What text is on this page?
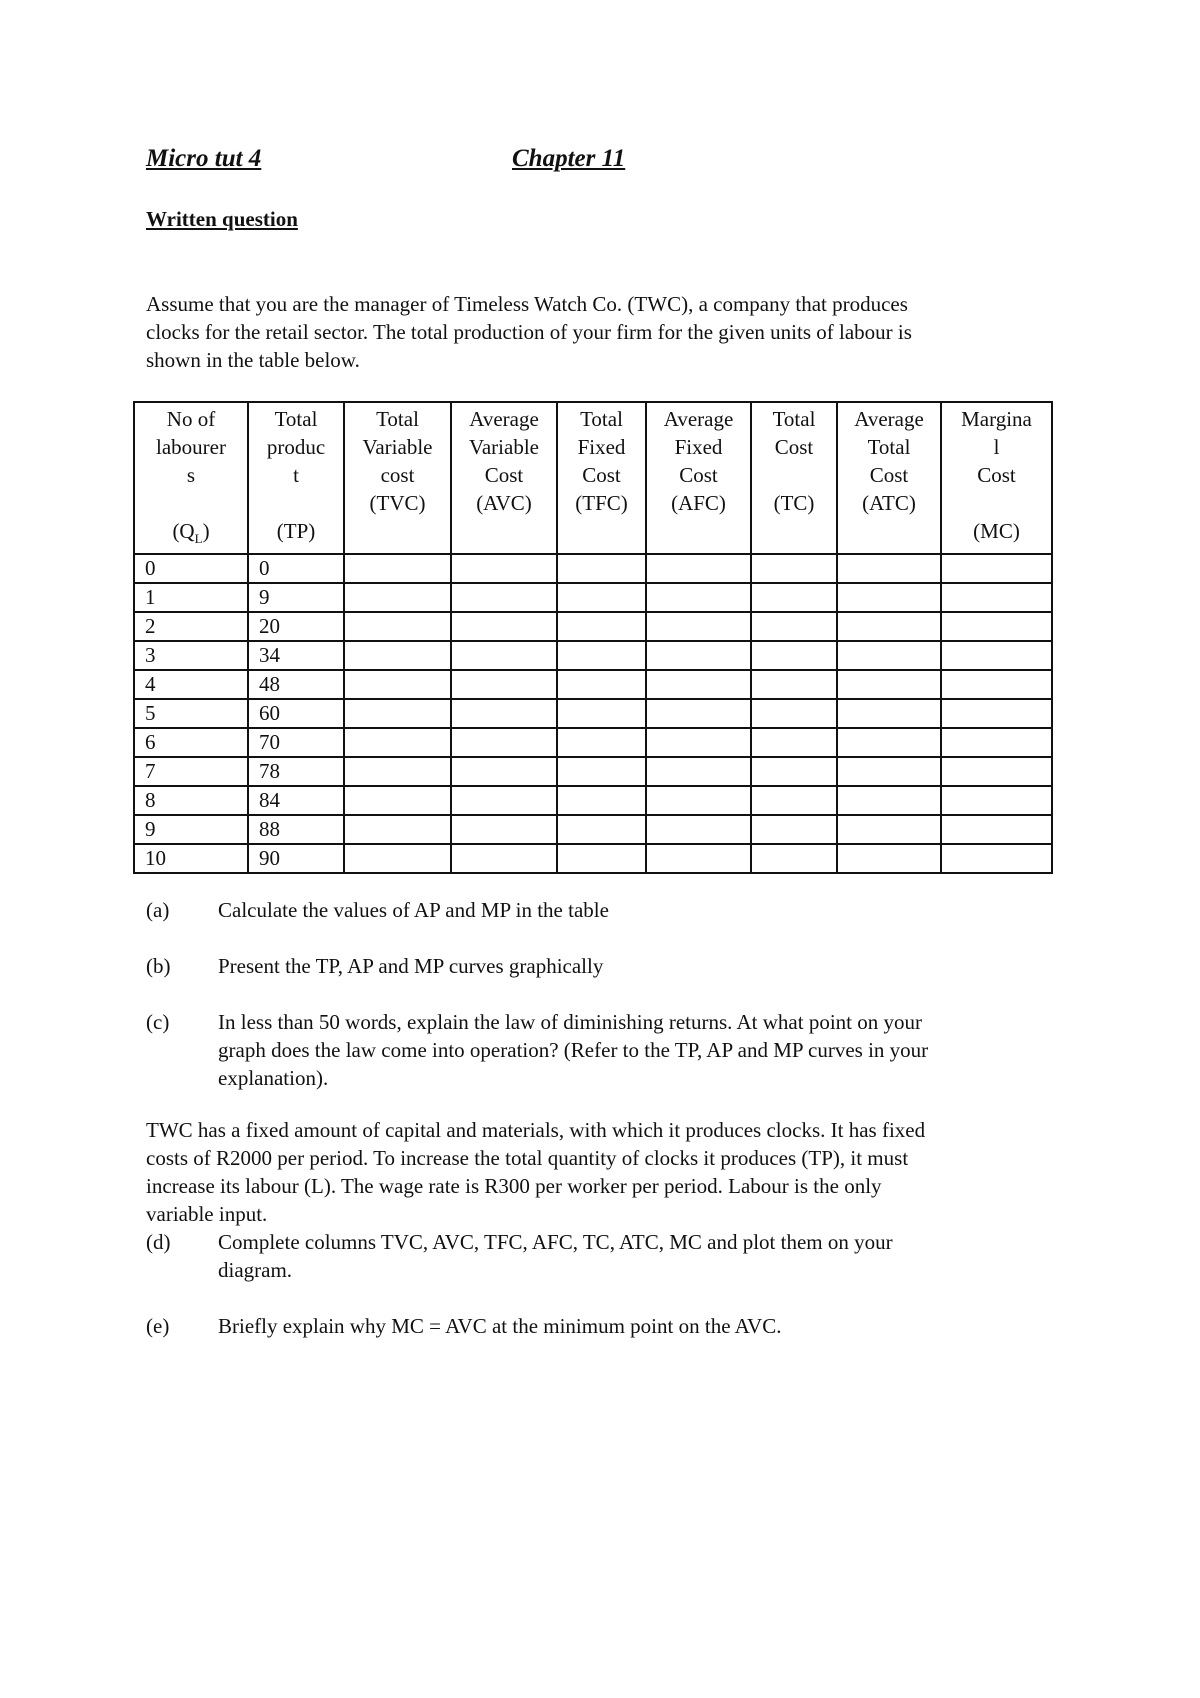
Micro tut 4	Chapter 11
Written question
Assume that you are the manager of Timeless Watch Co. (TWC), a company that produces
clocks for the retail sector. The total production of your firm for the given units of labour is
shown in the table below.
No of
labourer
s
$(Q_L)$	Total
produc
t
(TP)	Total
Variable
cost
(TVC)	Average
Variable
Cost
(AVC)	Total
Fixed
Cost
(TFC)	Average
Fixed
Cost
(AFC)	Total
Cost
(TC)	Average
Total
Cost
(ATC)	Margina
l
Cost
(MC)

0	0							
1	9							
2	20							
3	34							
4	48							
5	60							
6	70							
7	78							
8	84							
9	88							
10	90							
(a) Calculate the values of AP and MP in the table
(b) Present the TP, AP and MP curves graphically
(c) In less than 50 words, explain the law of diminishing returns. At what point on your
graph does the law come into operation? (Refer to the TP, AP and MP curves in your
explanation).
TWC has a fixed amount of capital and materials, with which it produces clocks. It has fixed
costs of R2000 per period. To increase the total quantity of clocks it produces (TP), it must
increase its labour (L). The wage rate is R300 per worker per period. Labour is the only
variable input.
(d) Complete columns TVC, AVC, TFC, AFC, TC, ATC, MC and plot them on your
diagram.
(e) Briefly explain why MC = AVC at the minimum point on the AVC.
